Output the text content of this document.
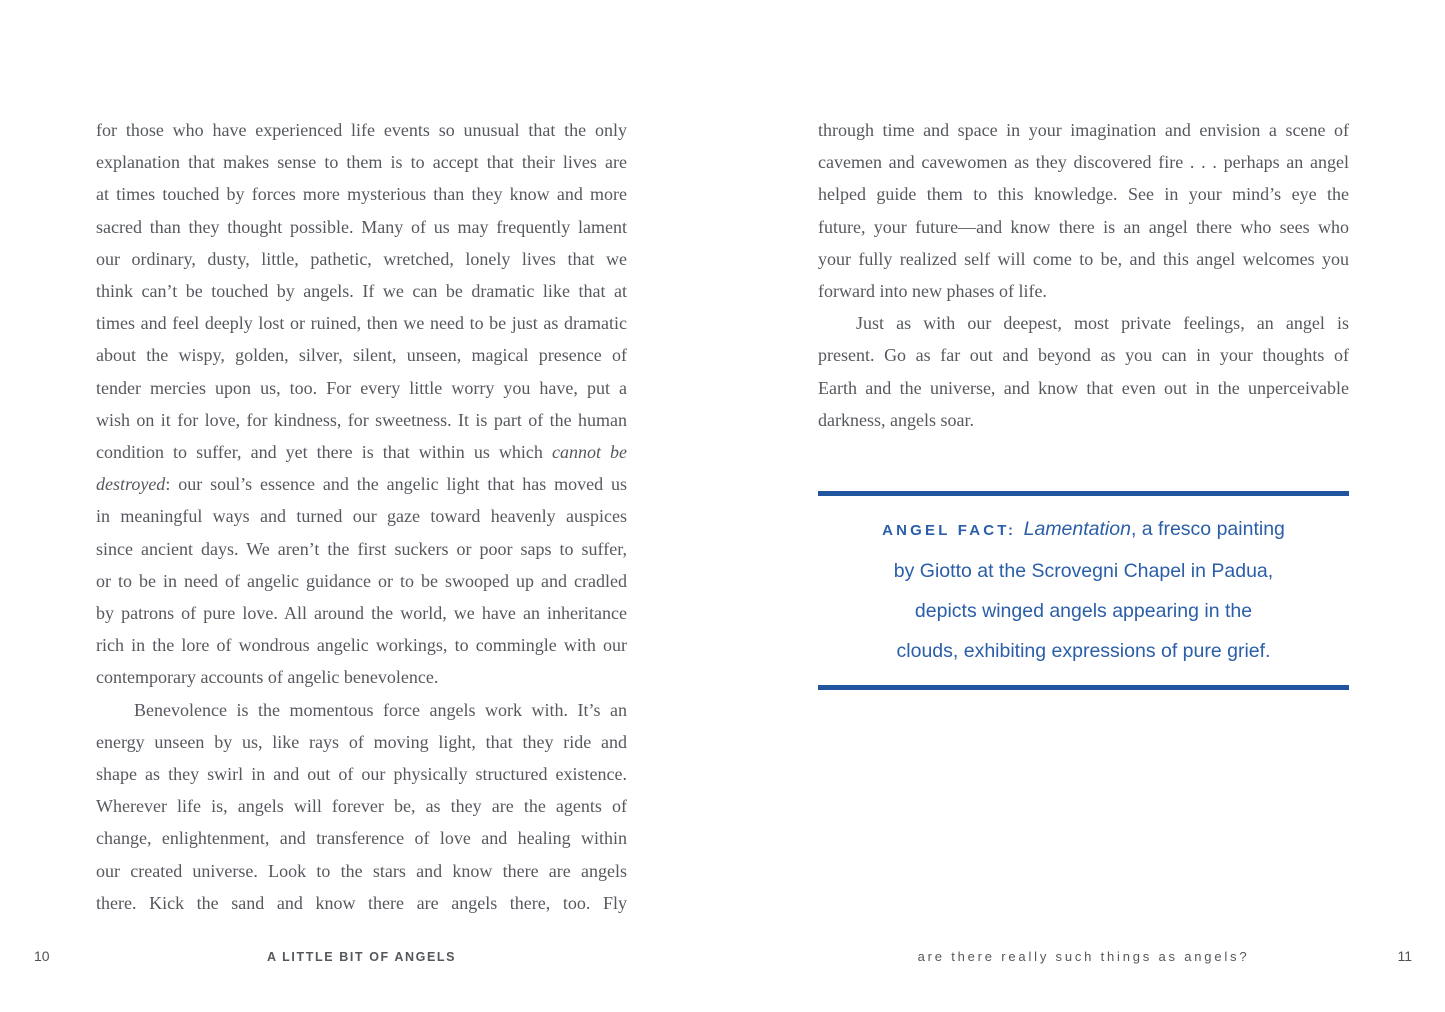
for those who have experienced life events so unusual that the only
explanation that makes sense to them is to accept that their lives are
at times touched by forces more mysterious than they know and more
sacred than they thought possible. Many of us may frequently lament
our ordinary, dusty, little, pathetic, wretched, lonely lives that we
think can’t be touched by angels. If we can be dramatic like that at
times and feel deeply lost or ruined, then we need to be just as dramatic
about the wispy, golden, silver, silent, unseen, magical presence of
tender mercies upon us, too. For every little worry you have, put a
wish on it for love, for kindness, for sweetness. It is part of the human
condition to suffer, and yet there is that within us which cannot be
destroyed: our soul’s essence and the angelic light that has moved us
in meaningful ways and turned our gaze toward heavenly auspices
since ancient days. We aren’t the first suckers or poor saps to suffer,
or to be in need of angelic guidance or to be swooped up and cradled
by patrons of pure love. All around the world, we have an inheritance
rich in the lore of wondrous angelic workings, to commingle with our
contemporary accounts of angelic benevolence.
Benevolence is the momentous force angels work with. It’s an
energy unseen by us, like rays of moving light, that they ride and
shape as they swirl in and out of our physically structured existence.
Wherever life is, angels will forever be, as they are the agents of
change, enlightenment, and transference of love and healing within
our created universe. Look to the stars and know there are angels
there. Kick the sand and know there are angels there, too. Fly
through time and space in your imagination and envision a scene of
cavemen and cavewomen as they discovered fire . . . perhaps an angel
helped guide them to this knowledge. See in your mind’s eye the
future, your future—and know there is an angel there who sees who
your fully realized self will come to be, and this angel welcomes you
forward into new phases of life.
Just as with our deepest, most private feelings, an angel is
present. Go as far out and beyond as you can in your thoughts of
Earth and the universe, and know that even out in the unperceivable
darkness, angels soar.
ANGEL FACT: Lamentation, a fresco painting
by Giotto at the Scrovegni Chapel in Padua,
depicts winged angels appearing in the
clouds, exhibiting expressions of pure grief.
10	A LITTLE BIT OF ANGELS	are there really such things as angels?	11
